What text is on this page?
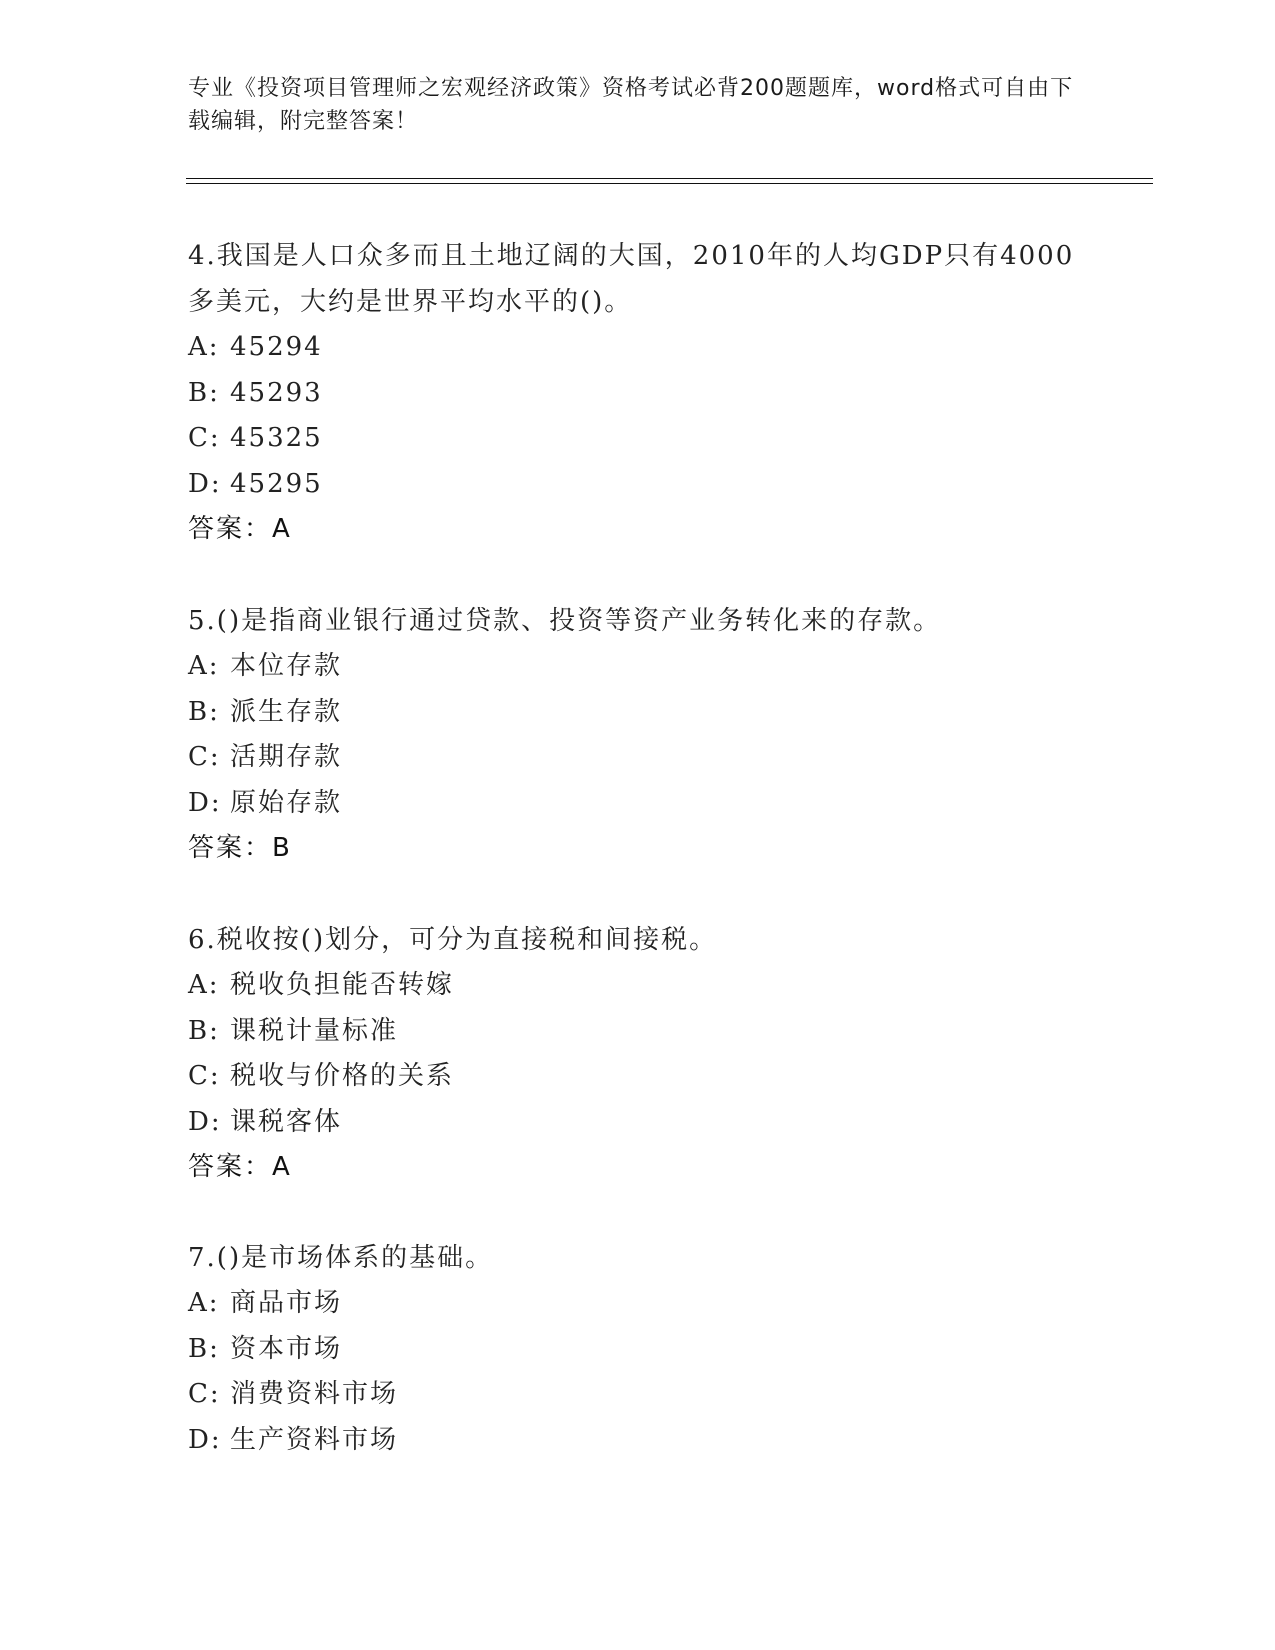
专业《投资项目管理师之宏观经济政策》资格考试必背200题题库，word格式可自由下载编辑，附完整答案！
4.我国是人口众多而且土地辽阔的大国，2010年的人均GDP只有4000多美元，大约是世界平均水平的()。
A: 45294
B: 45293
C: 45325
D: 45295
答案：A
5.()是指商业银行通过贷款、投资等资产业务转化来的存款。
A: 本位存款
B: 派生存款
C: 活期存款
D: 原始存款
答案：B
6.税收按()划分，可分为直接税和间接税。
A: 税收负担能否转嫁
B: 课税计量标准
C: 税收与价格的关系
D: 课税客体
答案：A
7.()是市场体系的基础。
A: 商品市场
B: 资本市场
C: 消费资料市场
D: 生产资料市场
